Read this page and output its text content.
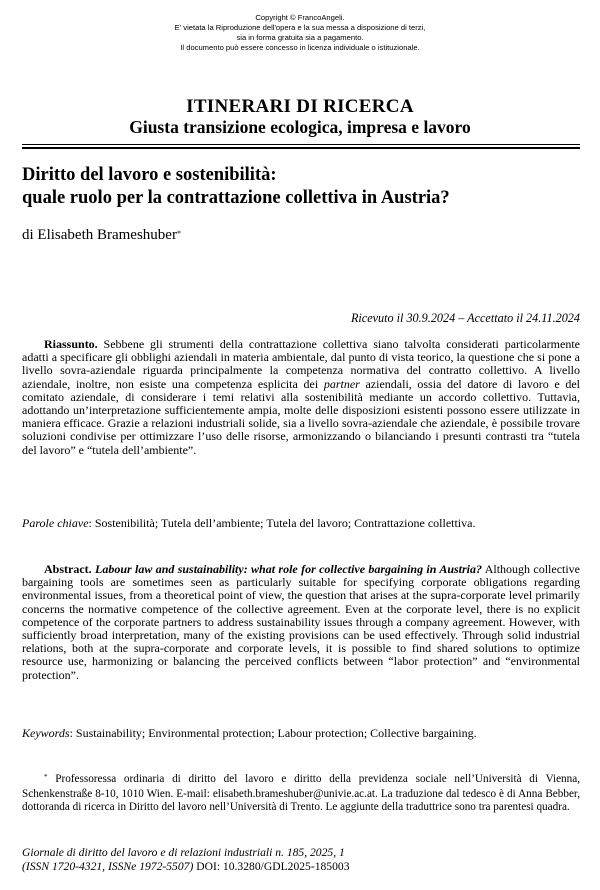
Copyright © FrancoAngeli.
E' vietata la Riproduzione dell'opera e la sua messa a disposizione di terzi,
sia in forma gratuita sia a pagamento.
Il documento può essere concesso in licenza individuale o istituzionale.
ITINERARI DI RICERCA
Giusta transizione ecologica, impresa e lavoro
Diritto del lavoro e sostenibilità:
quale ruolo per la contrattazione collettiva in Austria?
di Elisabeth Brameshuber*
Ricevuto il 30.9.2024 – Accettato il 24.11.2024
Riassunto. Sebbene gli strumenti della contrattazione collettiva siano talvolta considerati particolarmente adatti a specificare gli obblighi aziendali in materia ambientale, dal punto di vista teorico, la questione che si pone a livello sovra-aziendale riguarda principalmente la competenza normativa del contratto collettivo. A livello aziendale, inoltre, non esiste una competenza esplicita dei partner aziendali, ossia del datore di lavoro e del comitato aziendale, di considerare i temi relativi alla sostenibilità mediante un accordo collettivo. Tuttavia, adottando un’interpretazione sufficientemente ampia, molte delle disposizioni esistenti possono essere utilizzate in maniera efficace. Grazie a relazioni industriali solide, sia a livello sovra-aziendale che aziendale, è possibile trovare soluzioni condivise per ottimizzare l’uso delle risorse, armonizzando o bilanciando i presunti contrasti tra “tutela del lavoro” e “tutela dell’ambiente”.
Parole chiave: Sostenibilità; Tutela dell’ambiente; Tutela del lavoro; Contrattazione collettiva.
Abstract. Labour law and sustainability: what role for collective bargaining in Austria? Although collective bargaining tools are sometimes seen as particularly suitable for specifying corporate obligations regarding environmental issues, from a theoretical point of view, the question that arises at the supra-corporate level primarily concerns the normative competence of the collective agreement. Even at the corporate level, there is no explicit competence of the corporate partners to address sustainability issues through a company agreement. However, with sufficiently broad interpretation, many of the existing provisions can be used effectively. Through solid industrial relations, both at the supra-corporate and corporate levels, it is possible to find shared solutions to optimize resource use, harmonizing or balancing the perceived conflicts between “labor protection” and “environmental protection”.
Keywords: Sustainability; Environmental protection; Labour protection; Collective bargaining.
* Professoressa ordinaria di diritto del lavoro e diritto della previdenza sociale nell’Università di Vienna, Schenkenstraße 8-10, 1010 Wien. E-mail: elisabeth.brameshuber@univie.ac.at. La traduzione dal tedesco è di Anna Bebber, dottoranda di ricerca in Diritto del lavoro nell’Università di Trento. Le aggiunte della traduttrice sono tra parentesi quadra.
Giornale di diritto del lavoro e di relazioni industriali n. 185, 2025, 1
(ISSN 1720-4321, ISSNe 1972-5507) DOI: 10.3280/GDL2025-185003
